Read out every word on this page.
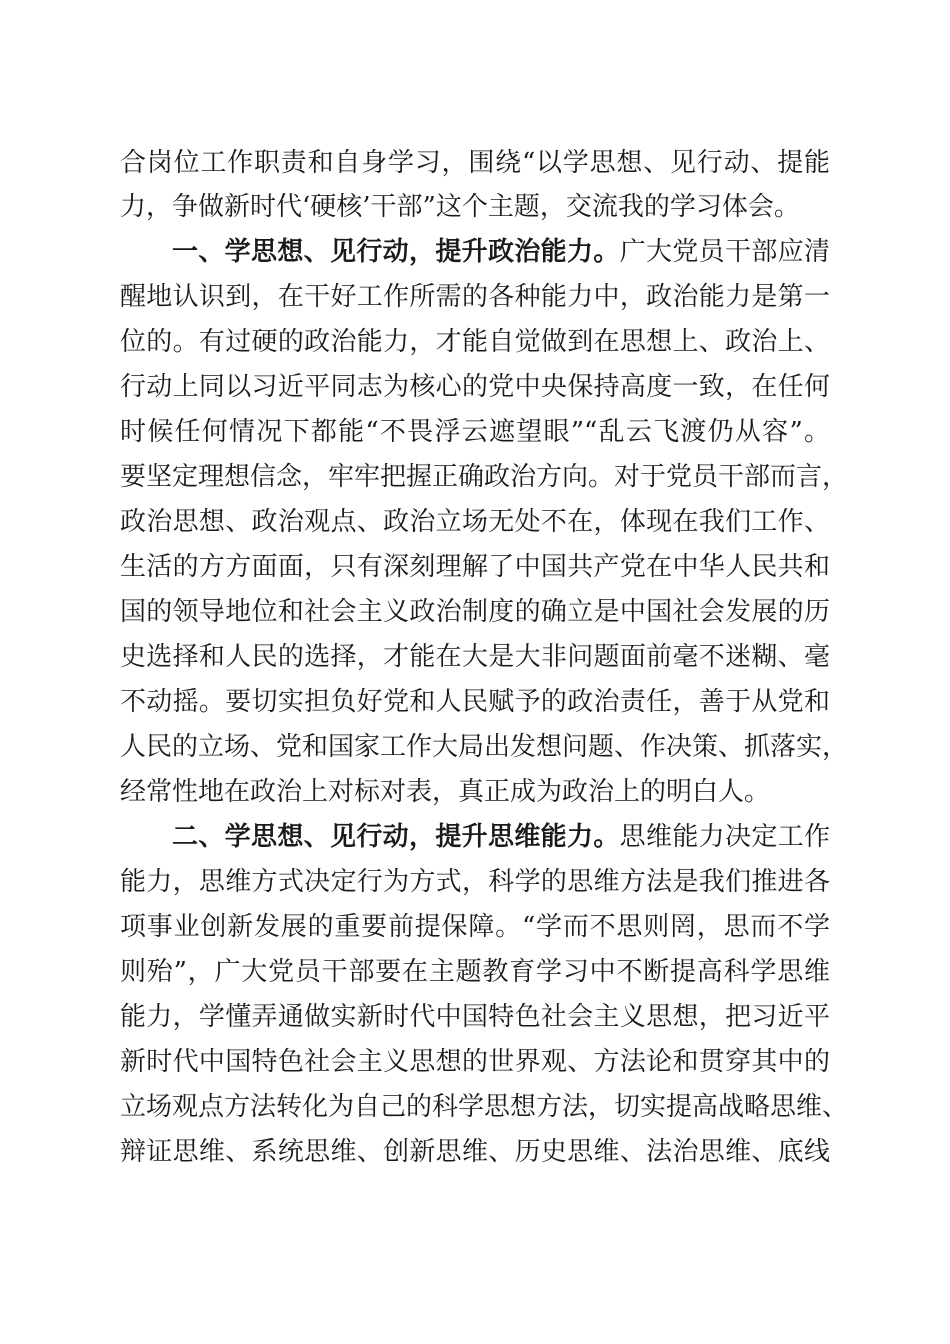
合岗位工作职责和自身学习，围绕“以学思想、见行动、提能
力，争做新时代‘硬核’干部”这个主题，交流我的学习体会。
一、学思想、见行动，提升政治能力。广大党员干部应清
醒地认识到，在干好工作所需的各种能力中，政治能力是第一
位的。有过硬的政治能力，才能自觉做到在思想上、政治上、
行动上同以习近平同志为核心的党中央保持高度一致，在任何
时候任何情况下都能“不畏浮云遮望眼”“乱云飞渡仍从容”。
要坚定理想信念，牢牢把握正确政治方向。对于党员干部而言，
政治思想、政治观点、政治立场无处不在，体现在我们工作、
生活的方方面面，只有深刻理解了中国共产党在中华人民共和
国的领导地位和社会主义政治制度的确立是中国社会发展的历
史选择和人民的选择，才能在大是大非问题面前毫不迷糊、毫
不动摇。要切实担负好党和人民赋予的政治责任，善于从党和
人民的立场、党和国家工作大局出发想问题、作决策、抓落实，
经常性地在政治上对标对表，真正成为政治上的明白人。
二、学思想、见行动，提升思维能力。思维能力决定工作
能力，思维方式决定行为方式，科学的思维方法是我们推进各
项事业创新发展的重要前提保障。“学而不思则罔，思而不学
则殆”，广大党员干部要在主题教育学习中不断提高科学思维
能力，学懂弄通做实新时代中国特色社会主义思想，把习近平
新时代中国特色社会主义思想的世界观、方法论和贯穿其中的
立场观点方法转化为自己的科学思想方法，切实提高战略思维、
辩证思维、系统思维、创新思维、历史思维、法治思维、底线
